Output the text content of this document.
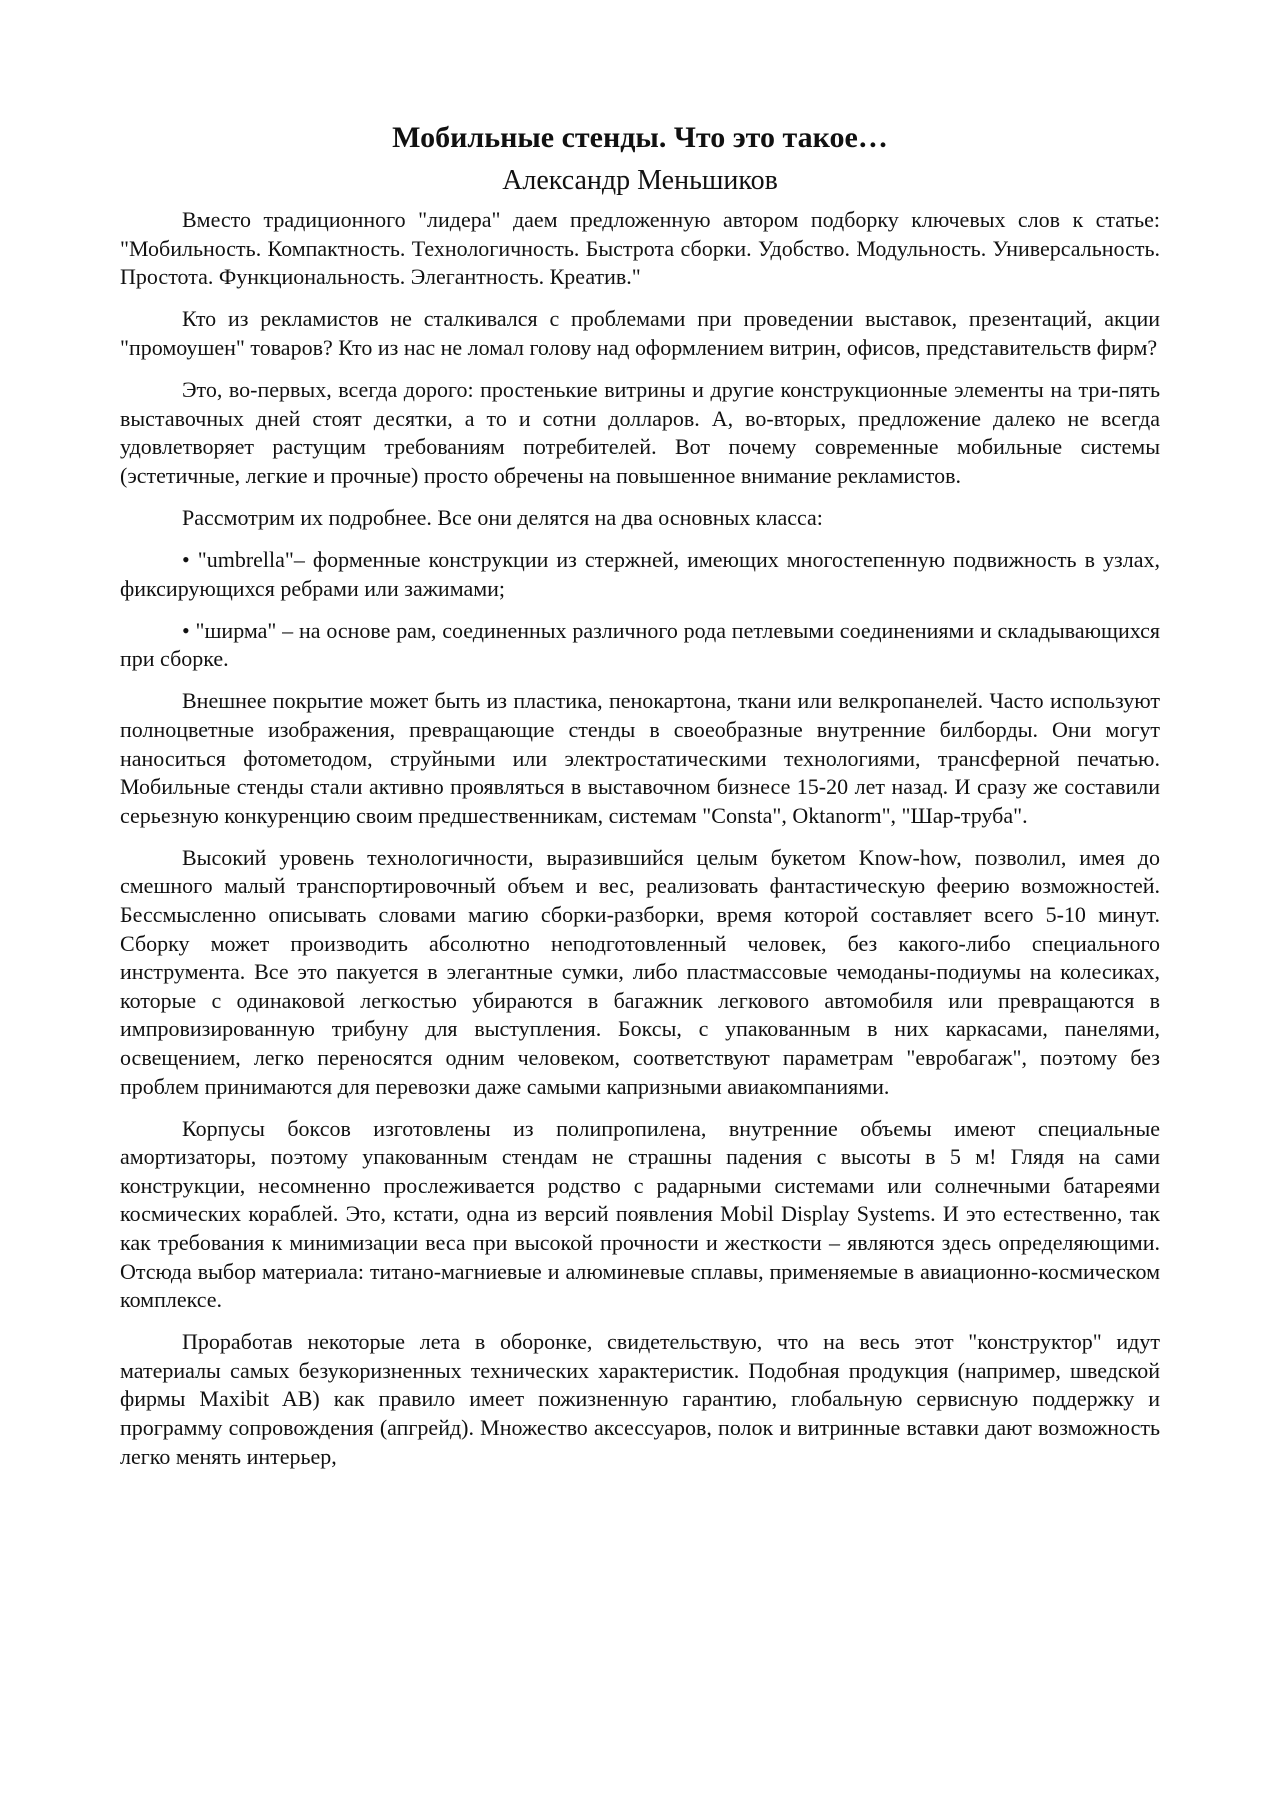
Мобильные стенды. Что это такое…
Александр Меньшиков

Вместо традиционного "лидера" даем предложенную автором подборку ключевых слов к статье: "Мобильность. Компактность. Технологичность. Быстрота сборки. Удобство. Модульность. Универсальность. Простота. Функциональность. Элегантность. Креатив."

Кто из рекламистов не сталкивался с проблемами при проведении выставок, презентаций, акции "промоушен" товаров? Кто из нас не ломал голову над оформлением витрин, офисов, представительств фирм?

Это, во-первых, всегда дорого: простенькие витрины и другие конструкционные элементы на три-пять выставочных дней стоят десятки, а то и сотни долларов. А, во-вторых, предложение далеко не всегда удовлетворяет растущим требованиям потребителей. Вот почему современные мобильные системы (эстетичные, легкие и прочные) просто обречены на повышенное внимание рекламистов.

Рассмотрим их подробнее. Все они делятся на два основных класса:

• "umbrella"– форменные конструкции из стержней, имеющих многостепенную подвижность в узлах, фиксирующихся ребрами или зажимами;

• "ширма" – на основе рам, соединенных различного рода петлевыми соединениями и складывающихся при сборке.

Внешнее покрытие может быть из пластика, пенокартона, ткани или велкропанелей. Часто используют полноцветные изображения, превращающие стенды в своеобразные внутренние билборды. Они могут наноситься фотометодом, струйными или электростатическими технологиями, трансферной печатью. Мобильные стенды стали активно проявляться в выставочном бизнесе 15-20 лет назад. И сразу же составили серьезную конкуренцию своим предшественникам, системам "Consta", Oktanorm", "Шар-труба".

Высокий уровень технологичности, выразившийся целым букетом Know-how, позволил, имея до смешного малый транспортировочный объем и вес, реализовать фантастическую феерию возможностей. Бессмысленно описывать словами магию сборки-разборки, время которой составляет всего 5-10 минут. Сборку может производить абсолютно неподготовленный человек, без какого-либо специального инструмента. Все это пакуется в элегантные сумки, либо пластмассовые чемоданы-подиумы на колесиках, которые с одинаковой легкостью убираются в багажник легкового автомобиля или превращаются в импровизированную трибуну для выступления. Боксы, с упакованным в них каркасами, панелями, освещением, легко переносятся одним человеком, соответствуют параметрам "евробагаж", поэтому без проблем принимаются для перевозки даже самыми капризными авиакомпаниями.

Корпусы боксов изготовлены из полипропилена, внутренние объемы имеют специальные амортизаторы, поэтому упакованным стендам не страшны падения с высоты в 5 м! Глядя на сами конструкции, несомненно прослеживается родство с радарными системами или солнечными батареями космических кораблей. Это, кстати, одна из версий появления Mobil Display Systems. И это естественно, так как требования к минимизации веса при высокой прочности и жесткости – являются здесь определяющими. Отсюда выбор материала: титано-магниевые и алюминевые сплавы, применяемые в авиационно-космическом комплексе.

Проработав некоторые лета в оборонке, свидетельствую, что на весь этот "конструктор" идут материалы самых безукоризненных технических характеристик. Подобная продукция (например, шведской фирмы Maxibit AB) как правило имеет пожизненную гарантию, глобальную сервисную поддержку и программу сопровождения (апгрейд). Множество аксессуаров, полок и витринные вставки дают возможность легко менять интерьер,
